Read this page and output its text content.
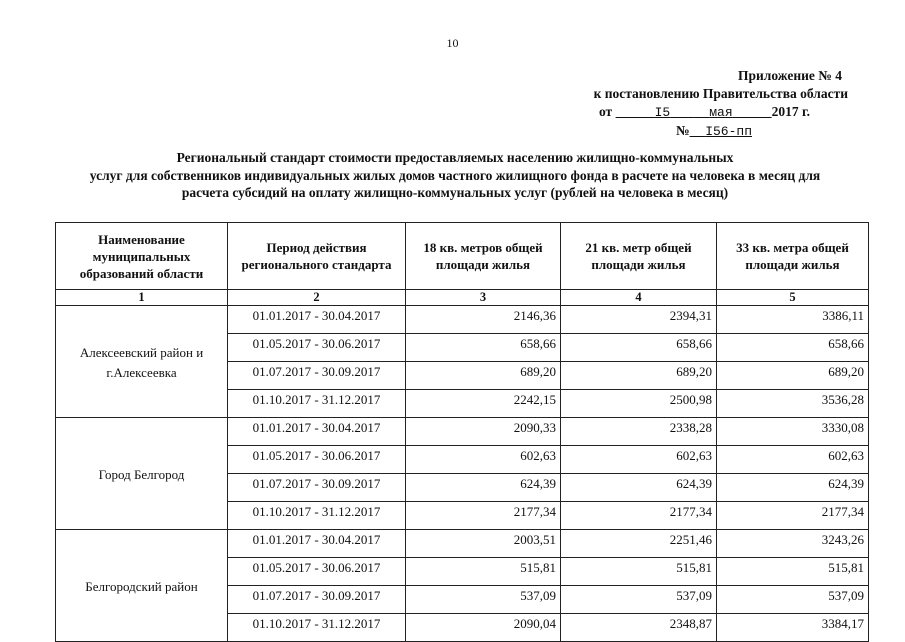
10
Приложение № 4
к постановлению Правительства области
от	I5	мая	2017 г.
№ I56-пп
Региональный стандарт стоимости предоставляемых населению жилищно-коммунальных
услуг для собственников индивидуальных жилых домов частного жилищного фонда в расчете на человека в месяц для
расчета субсидий на оплату жилищно-коммунальных услуг (рублей на человека в месяц)
Наименование муниципальных образований области	Период действия регионального стандарта	18 кв. метров общей площади жилья	21 кв. метр общей площади жилья	33 кв. метра общей площади жилья
1	2	3	4	5
Алексеевский район и г.Алексеевка	01.01.2017 - 30.04.2017	2146,36	2394,31	3386,11
	01.05.2017 - 30.06.2017	658,66	658,66	658,66
	01.07.2017 - 30.09.2017	689,20	689,20	689,20
	01.10.2017 - 31.12.2017	2242,15	2500,98	3536,28
Город Белгород	01.01.2017 - 30.04.2017	2090,33	2338,28	3330,08
	01.05.2017 - 30.06.2017	602,63	602,63	602,63
	01.07.2017 - 30.09.2017	624,39	624,39	624,39
	01.10.2017 - 31.12.2017	2177,34	2177,34	2177,34
Белгородский район	01.01.2017 - 30.04.2017	2003,51	2251,46	3243,26
	01.05.2017 - 30.06.2017	515,81	515,81	515,81
	01.07.2017 - 30.09.2017	537,09	537,09	537,09
	01.10.2017 - 31.12.2017	2090,04	2348,87	3384,17
